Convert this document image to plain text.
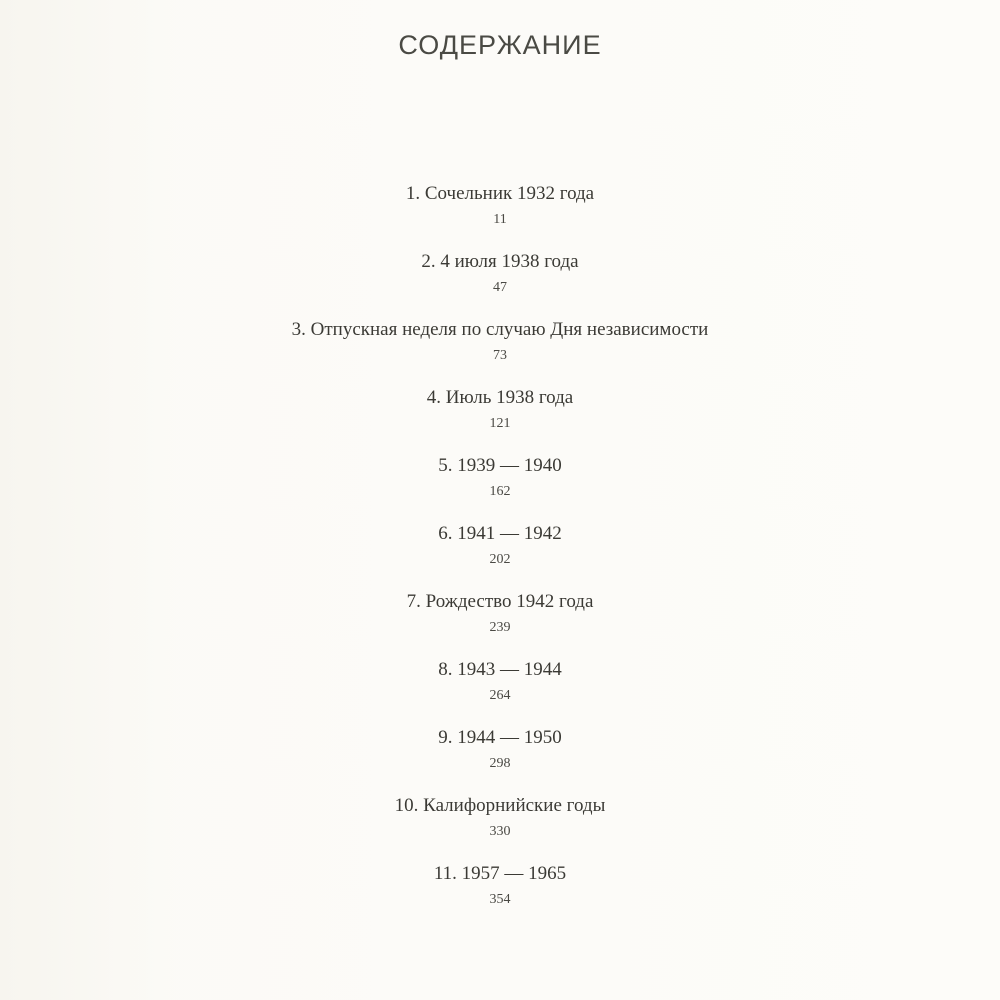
СОДЕРЖАНИЕ
1. Сочельник 1932 года
11
2. 4 июля 1938 года
47
3. Отпускная неделя по случаю Дня независимости
73
4. Июль 1938 года
121
5. 1939 — 1940
162
6. 1941 — 1942
202
7. Рождество 1942 года
239
8. 1943 — 1944
264
9. 1944 — 1950
298
10. Калифорнийские годы
330
11. 1957 — 1965
354
